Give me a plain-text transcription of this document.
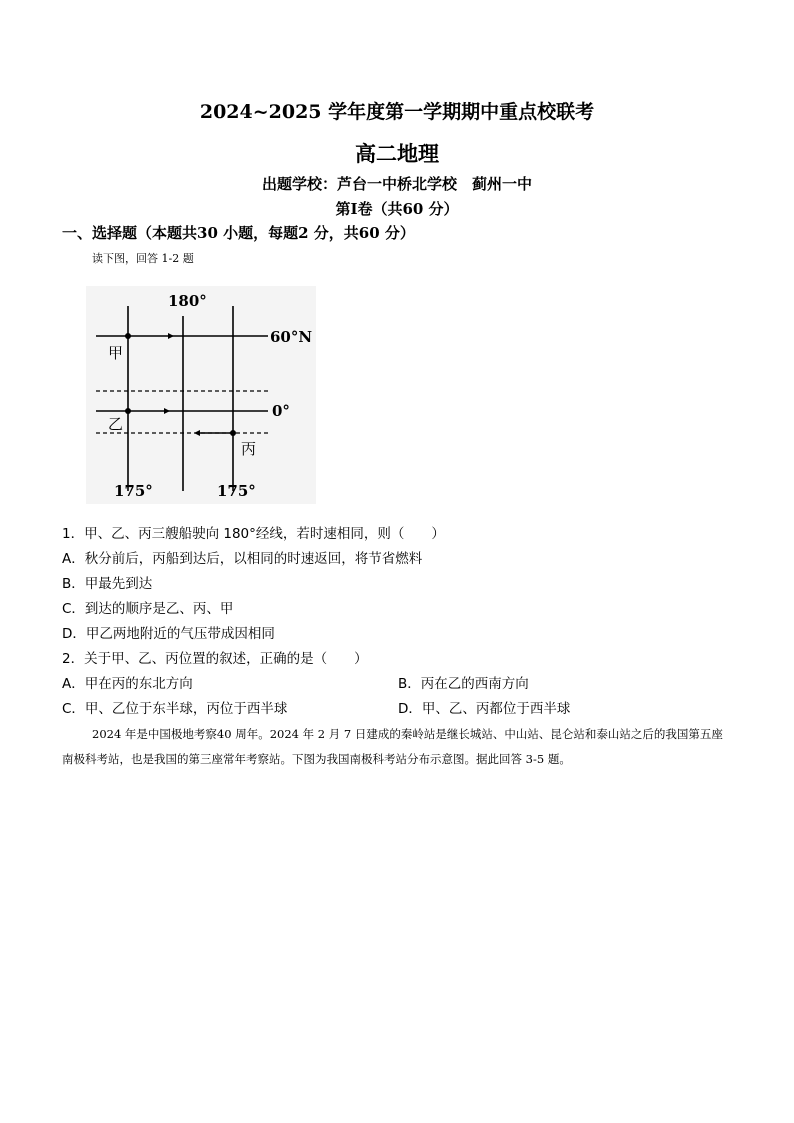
2024~2025 学年度第一学期期中重点校联考
高二地理
出题学校：芦台一中桥北学校　蓟州一中
第Ⅰ卷（共60 分）
一、选择题（本题共30 小题，每题2 分，共60 分）
读下图，回答 1-2 题
180°
60°N
0°
175°	175°
甲
乙
丙
1．甲、乙、丙三艘船驶向 180°经线，若时速相同，则（　　）
A．秋分前后，丙船到达后，以相同的时速返回，将节省燃料
B．甲最先到达
C．到达的顺序是乙、丙、甲
D．甲乙两地附近的气压带成因相同
2．关于甲、乙、丙位置的叙述，正确的是（　　）
A．甲在丙的东北方向	B．丙在乙的西南方向
C．甲、乙位于东半球，丙位于西半球	D．甲、乙、丙都位于西半球
2024 年是中国极地考察40 周年。2024 年 2 月 7 日建成的秦岭站是继长城站、中山站、昆仑站和泰山站之后的我国第五座南极科考站，也是我国的第三座常年考察站。下图为我国南极科考站分布示意图。据此回答 3-5 题。
